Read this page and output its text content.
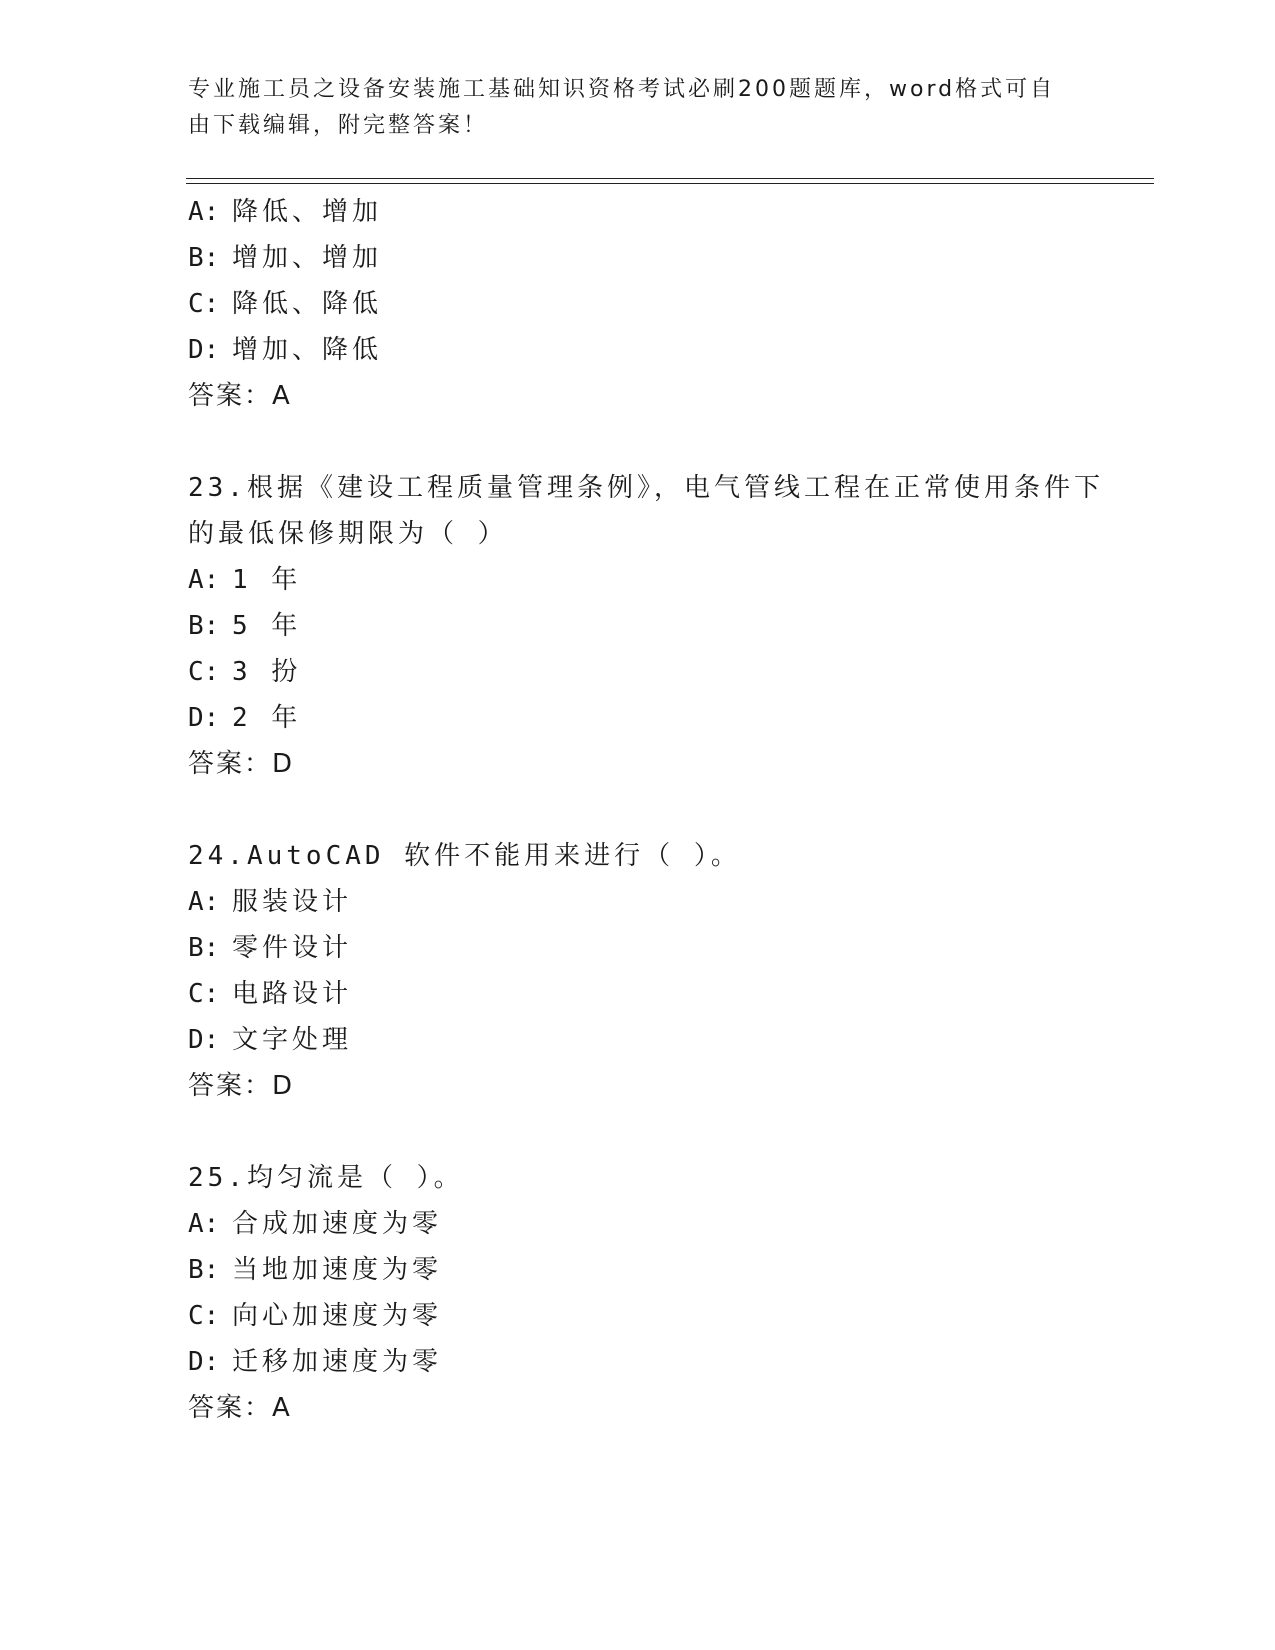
专业施工员之设备安装施工基础知识资格考试必刷200题题库，word格式可自由下载编辑，附完整答案！
A: 降低、增加
B: 增加、增加
C: 降低、降低
D: 增加、降低
答案：A
23.根据《建设工程质量管理条例》，电气管线工程在正常使用条件下
的最低保修期限为（ ）
A: 1 年
B: 5 年
C: 3 扮
D: 2 年
答案：D
24.AutoCAD 软件不能用来进行（ ）。
A: 服装设计
B: 零件设计
C: 电路设计
D: 文字处理
答案：D
25.均匀流是（ ）。
A: 合成加速度为零
B: 当地加速度为零
C: 向心加速度为零
D: 迁移加速度为零
答案：A
